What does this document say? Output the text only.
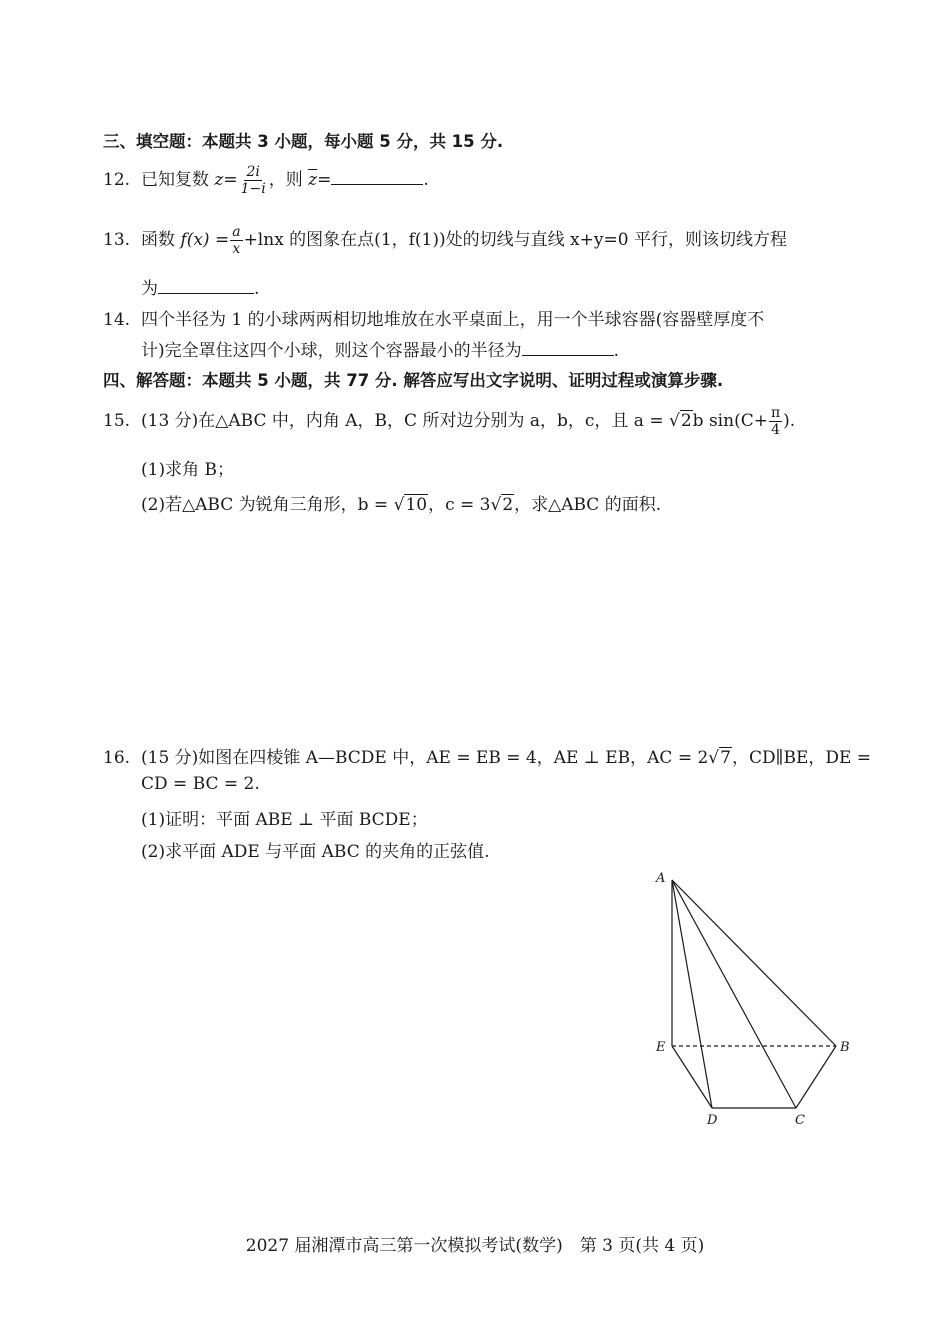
三、填空题：本题共 3 小题，每小题 5 分，共 15 分.
12. 已知复数 $z= \frac{2i}{1-i}$ ，则 $\overline{z}=$	.
13. 函数 $f(x) = \frac{a}{x} +\ln x$ 的图象在点(1，f(1))处的切线与直线 x+y=0 平行，则该切线方程
为	.
14. 四个半径为 1 的小球两两相切地堆放在水平桌面上，用一个半球容器(容器壁厚度不
计)完全罩住这四个小球，则这个容器最小的半径为	.
四、解答题：本题共 5 小题，共 77 分. 解答应写出文字说明、证明过程或演算步骤.
15. (13 分)在△ABC 中，内角 A，B，C 所对边分别为 a，b，c，且 a = √2b $\sin(C+ \frac{\pi}{4}$ ).
(1)求角 B；
(2)若△ABC 为锐角三角形，b = √10，c = 3√2，求△ABC 的面积.
16. (15 分)如图在四棱锥 A—BCDE 中，AE = EB = 4，AE ⊥ EB，AC = 2√7，CD∥BE，DE =
CD = BC = 2.
(1)证明：平面 ABE ⊥ 平面 BCDE；
(2)求平面 ADE 与平面 ABC 的夹角的正弦值.
A
E	B
D	C
2027 届湘潭市高三第一次模拟考试(数学)　第 3 页(共 4 页)
